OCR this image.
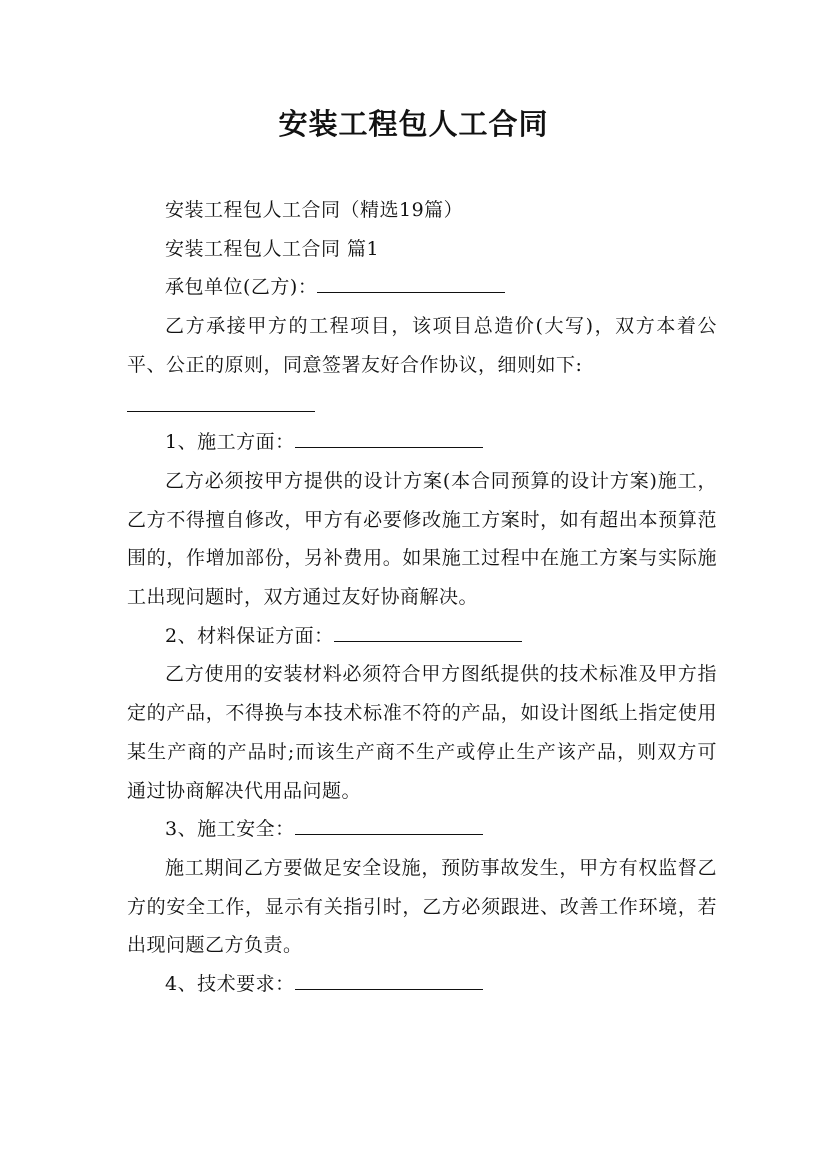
安装工程包人工合同

安装工程包人工合同（精选19篇）

安装工程包人工合同 篇1

承包单位(乙方)：

乙方承接甲方的工程项目，该项目总造价(大写)，双方本着公平、公正的原则，同意签署友好合作协议，细则如下:

1、施工方面：

乙方必须按甲方提供的设计方案(本合同预算的设计方案)施工，乙方不得擅自修改，甲方有必要修改施工方案时，如有超出本预算范围的，作增加部份，另补费用。如果施工过程中在施工方案与实际施工出现问题时，双方通过友好协商解决。

2、材料保证方面：

乙方使用的安装材料必须符合甲方图纸提供的技术标准及甲方指定的产品，不得换与本技术标准不符的产品，如设计图纸上指定使用某生产商的产品时;而该生产商不生产或停止生产该产品，则双方可通过协商解决代用品问题。

3、施工安全：

施工期间乙方要做足安全设施，预防事故发生，甲方有权监督乙方的安全工作，显示有关指引时，乙方必须跟进、改善工作环境，若出现问题乙方负责。

4、技术要求：
